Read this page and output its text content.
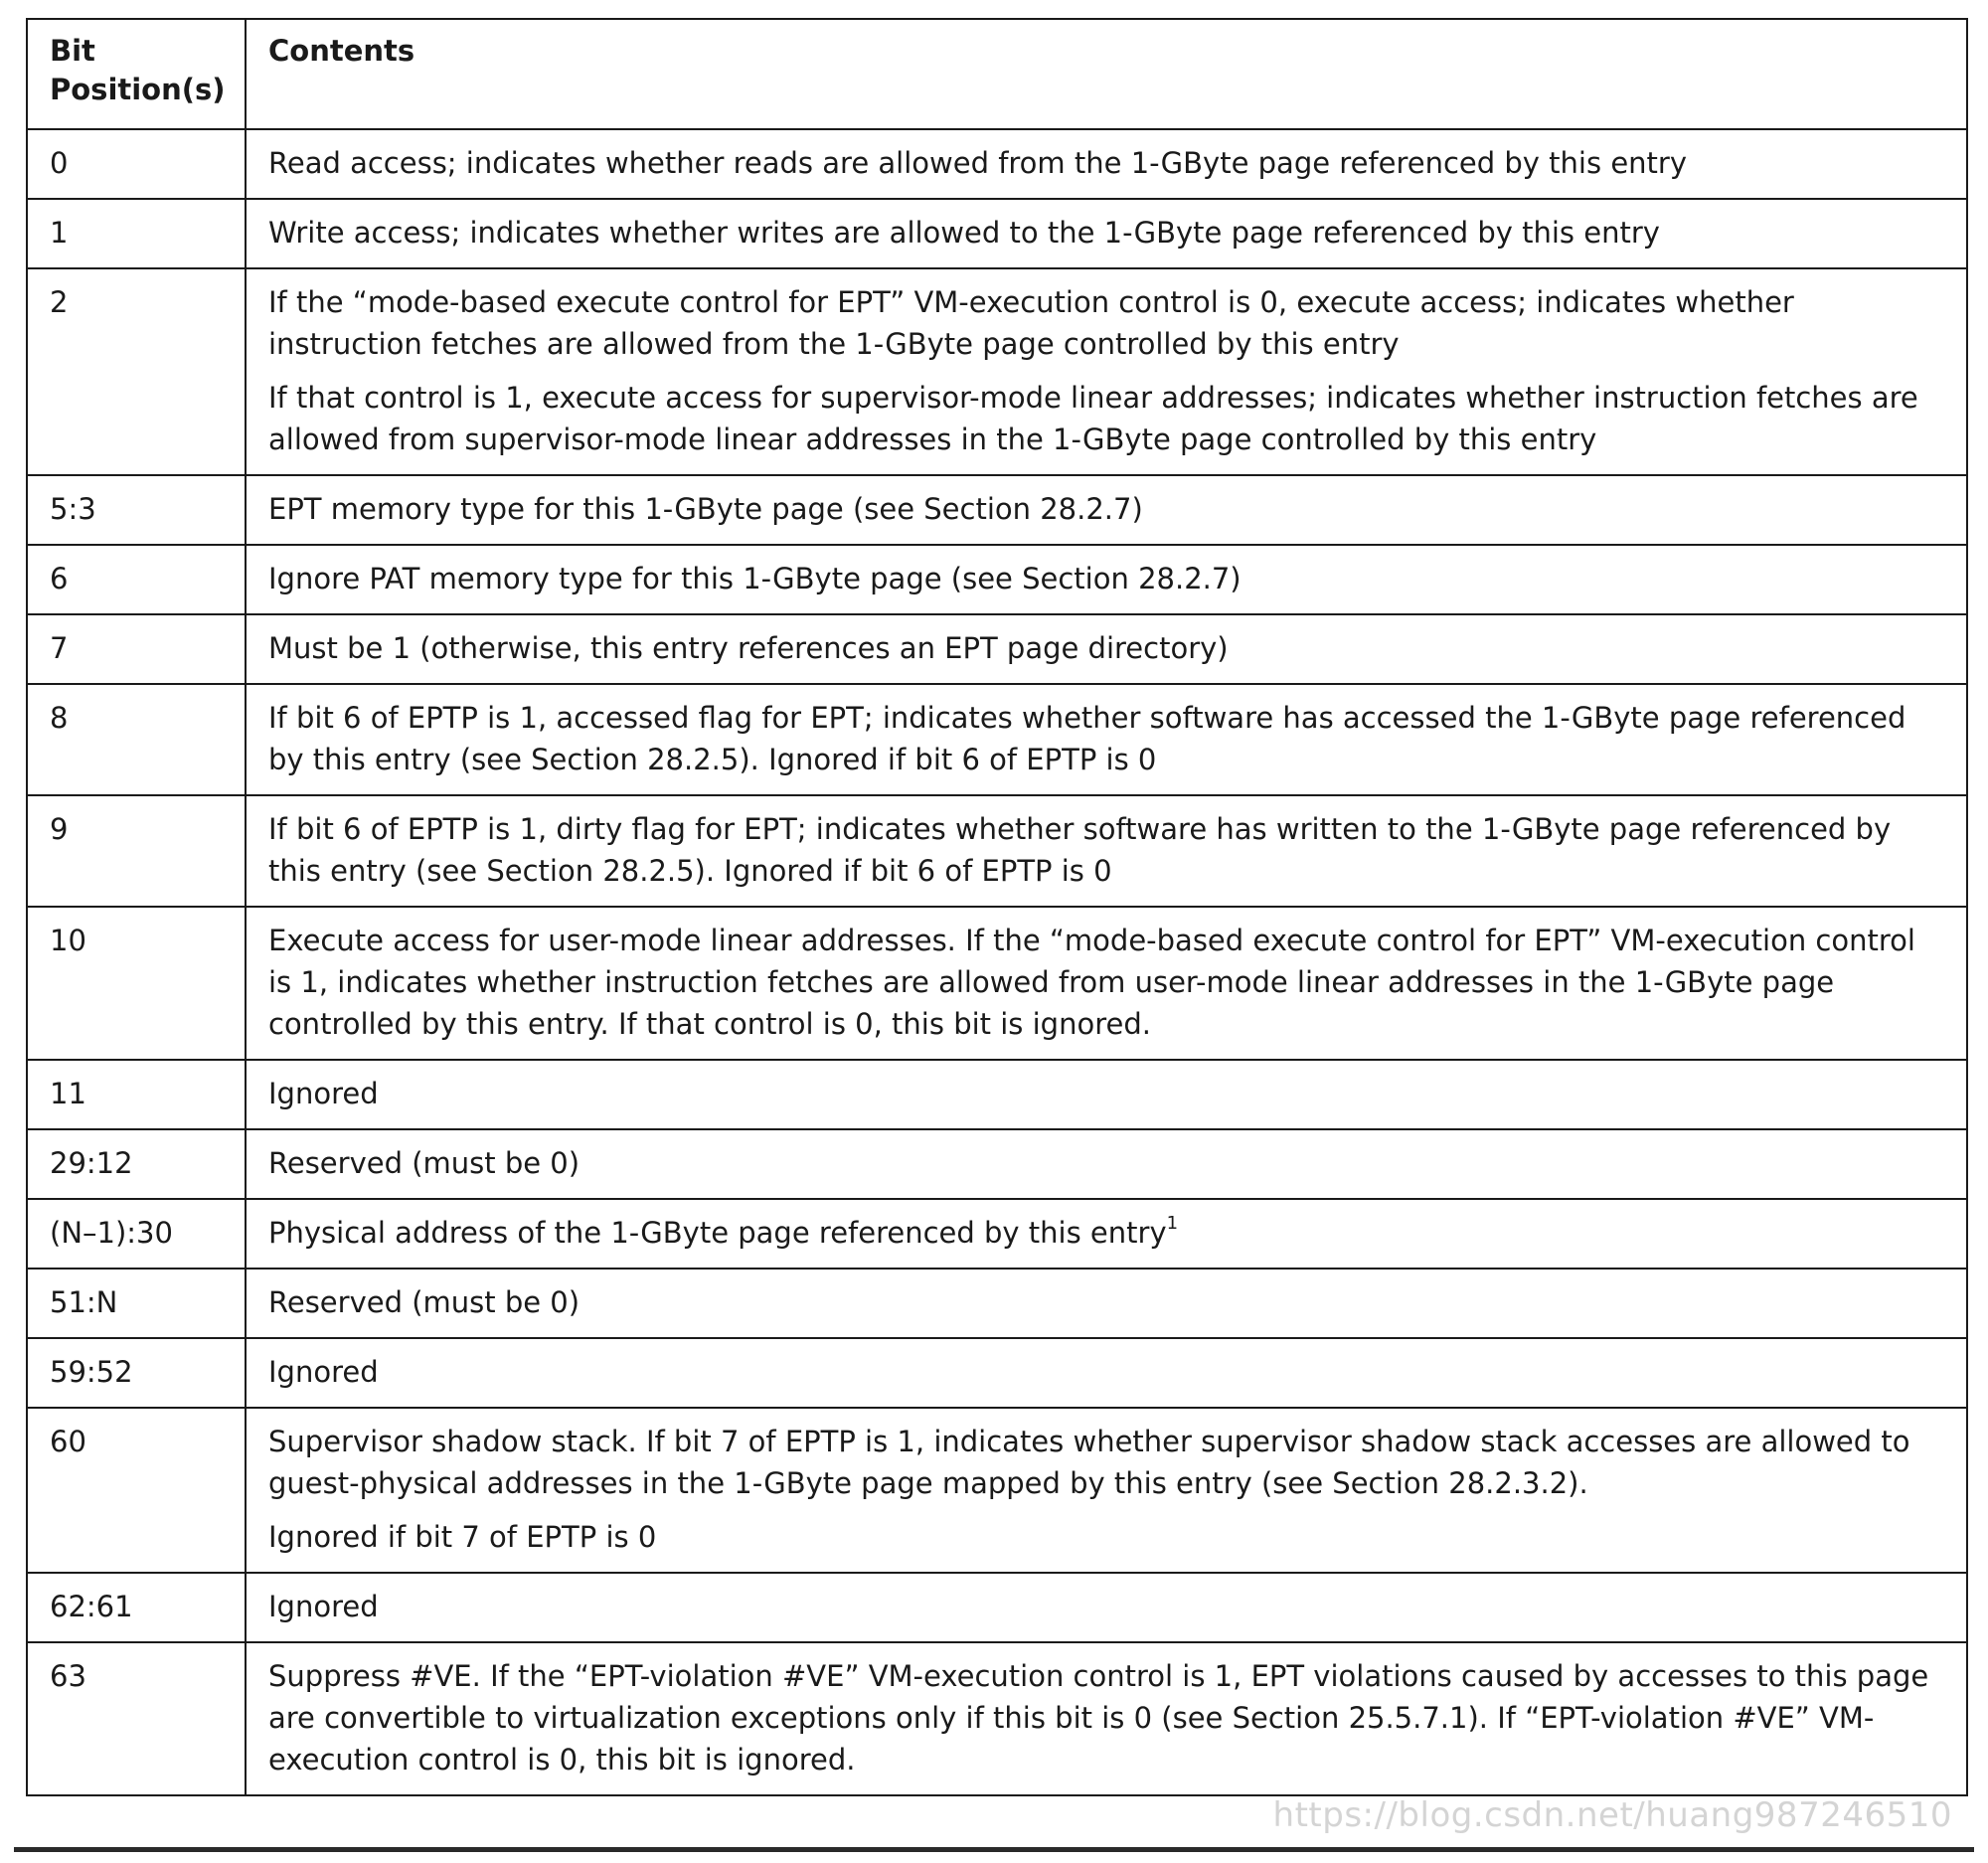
Bit
Position(s)	Contents
0	Read access; indicates whether reads are allowed from the 1-GByte page referenced by this entry

1	Write access; indicates whether writes are allowed to the 1-GByte page referenced by this entry

2	If the “mode-based execute control for EPT” VM-execution control is 0, execute access; indicates whether instruction fetches are allowed from the 1-GByte page controlled by this entry

If that control is 1, execute access for supervisor-mode linear addresses; indicates whether instruction fetches are allowed from supervisor-mode linear addresses in the 1-GByte page controlled by this entry

5:3	EPT memory type for this 1-GByte page (see Section 28.2.7)

6	Ignore PAT memory type for this 1-GByte page (see Section 28.2.7)

7	Must be 1 (otherwise, this entry references an EPT page directory)

8	If bit 6 of EPTP is 1, accessed flag for EPT; indicates whether software has accessed the 1-GByte page referenced by this entry (see Section 28.2.5). Ignored if bit 6 of EPTP is 0

9	If bit 6 of EPTP is 1, dirty flag for EPT; indicates whether software has written to the 1-GByte page referenced by this entry (see Section 28.2.5). Ignored if bit 6 of EPTP is 0

10	Execute access for user-mode linear addresses. If the “mode-based execute control for EPT” VM-execution control is 1, indicates whether instruction fetches are allowed from user-mode linear addresses in the 1-GByte page controlled by this entry. If that control is 0, this bit is ignored.

11	Ignored

29:12	Reserved (must be 0)

(N–1):30	Physical address of the 1-GByte page referenced by this entry$^1$

51:N	Reserved (must be 0)

59:52	Ignored

60	Supervisor shadow stack. If bit 7 of EPTP is 1, indicates whether supervisor shadow stack accesses are allowed to guest-physical addresses in the 1-GByte page mapped by this entry (see Section 28.2.3.2).

Ignored if bit 7 of EPTP is 0

62:61	Ignored

63	Suppress #VE. If the “EPT-violation #VE” VM-execution control is 1, EPT violations caused by accesses to this page are convertible to virtualization exceptions only if this bit is 0 (see Section 25.5.7.1). If “EPT-violation #VE” VM-execution control is 0, this bit is ignored.

https://blog.csdn.net/huang987246510
